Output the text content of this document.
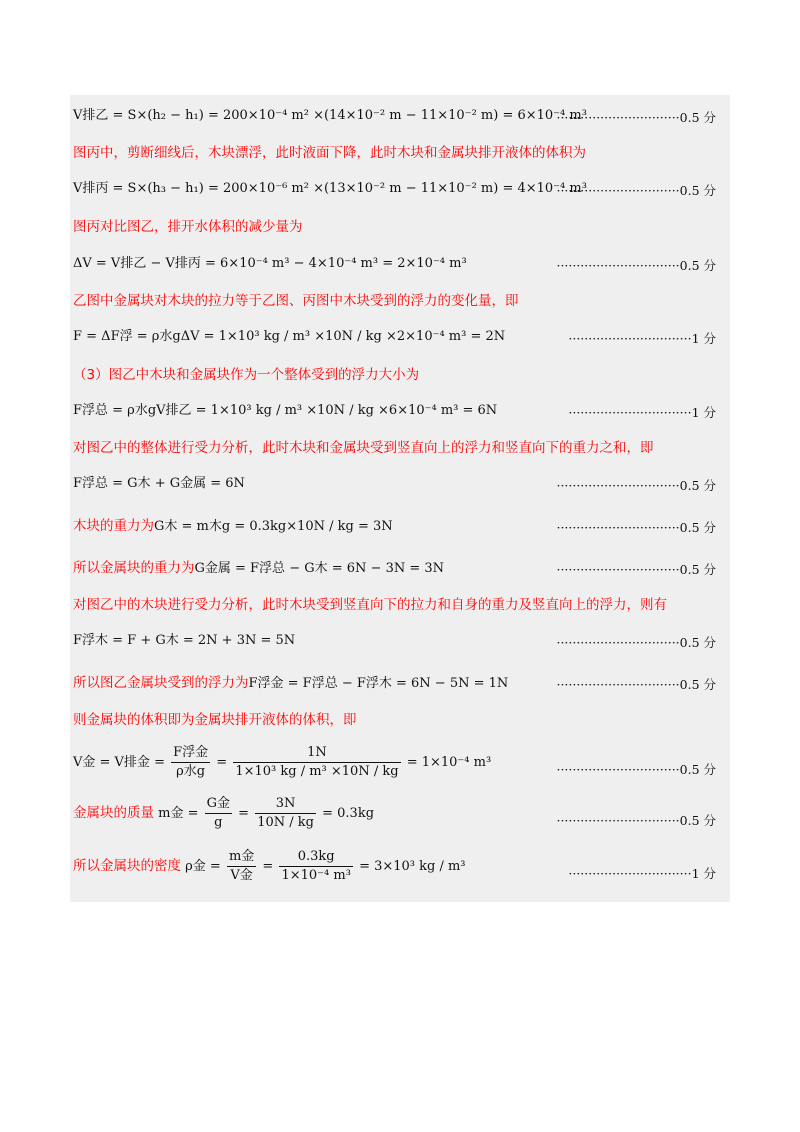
V排乙 = S×(h₂ − h₁) = 200×10⁻⁴ m² ×(14×10⁻² m − 11×10⁻² m) = 6×10⁻⁴ m³
·······························0.5 分
图丙中，剪断细线后，木块漂浮，此时液面下降，此时木块和金属块排开液体的体积为
V排丙 = S×(h₃ − h₁) = 200×10⁻⁶ m² ×(13×10⁻² m − 11×10⁻² m) = 4×10⁻⁴ m³
·······························0.5 分
图丙对比图乙，排开水体积的减少量为
ΔV = V排乙 − V排丙 = 6×10⁻⁴ m³ − 4×10⁻⁴ m³ = 2×10⁻⁴ m³	·······························0.5 分
乙图中金属块对木块的拉力等于乙图、丙图中木块受到的浮力的变化量，即
F = ΔF浮 = ρ水gΔV = 1×10³ kg / m³ ×10N / kg ×2×10⁻⁴ m³ = 2N	·······························1 分
（3）图乙中木块和金属块作为一个整体受到的浮力大小为
F浮总 = ρ水gV排乙 = 1×10³ kg / m³ ×10N / kg ×6×10⁻⁴ m³ = 6N	·······························1 分
对图乙中的整体进行受力分析，此时木块和金属块受到竖直向上的浮力和竖直向下的重力之和，即
F浮总 = G木 + G金属 = 6N	·······························0.5 分
木块的重力为G木 = m木g = 0.3kg×10N / kg = 3N	·······························0.5 分
所以金属块的重力为G金属 = F浮总 − G木 = 6N − 3N = 3N	·······························0.5 分
对图乙中的木块进行受力分析，此时木块受到竖直向下的拉力和自身的重力及竖直向上的浮力，则有
F浮木 = F + G木 = 2N + 3N = 5N	·······························0.5 分
所以图乙金属块受到的浮力为F浮金 = F浮总 − F浮木 = 6N − 5N = 1N	·······························0.5 分
则金属块的体积即为金属块排开液体的体积，即
V金 = V排金 = $\frac{\text{F浮金}}{\text{ρ水g}} = \frac{1N}{\text{1×10³ kg / m³ ×10N / kg}} = 1\times 10^{-4}$ m³	·······························0.5 分
金属块的质量 m金 = $\frac{\text{G金}}{g} = \frac{3N}{10N / kg} = 0.3kg$	·······························0.5 分
所以金属块的密度 ρ金 = $\frac{\text{m金}}{\text{V金}} = \frac{0.3kg}{\text{1×10⁻⁴ m³}} = 3\times 10^3$ kg / m³	·······························1 分
